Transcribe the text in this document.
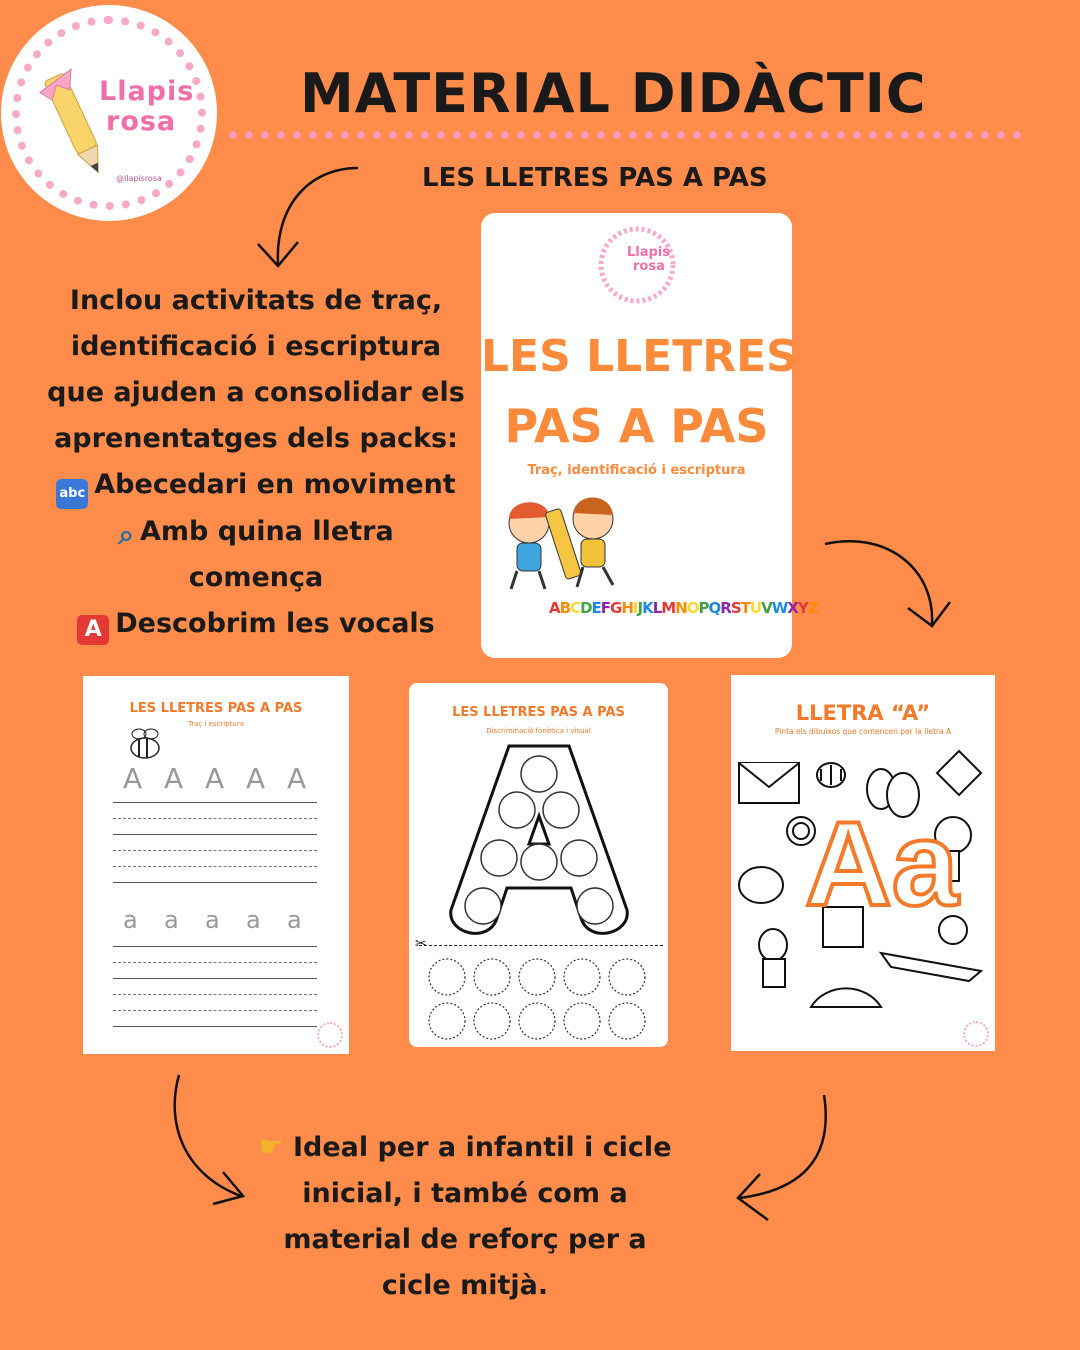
Llapis
rosa
@llapisrosa
MATERIAL DIDÀCTIC
LES LLETRES PAS A PAS
Inclou activitats de traç,
identificació i escriptura
que ajuden a consolidar els
aprenentatges dels packs:
abc Abecedari en moviment
⌕ Amb quina lletra
comença
A Descobrim les vocals
Llapis
rosa
LES LLETRES
PAS A PAS
Traç, identificació i escriptura
ABCDEFGHIJKLMNOPQRSTUVWXYZ
LES LLETRES PAS A PAS
Traç i escriptura
A A A A A
a a a a a
LES LLETRES PAS A PAS
Discriminació fonètica i visual
✂
LLETRA “A”
Pinta els dibuixos que comencen per la lletra A
Aa
☛ Ideal per a infantil i cicle
inicial, i també com a
material de reforç per a
cicle mitjà.
